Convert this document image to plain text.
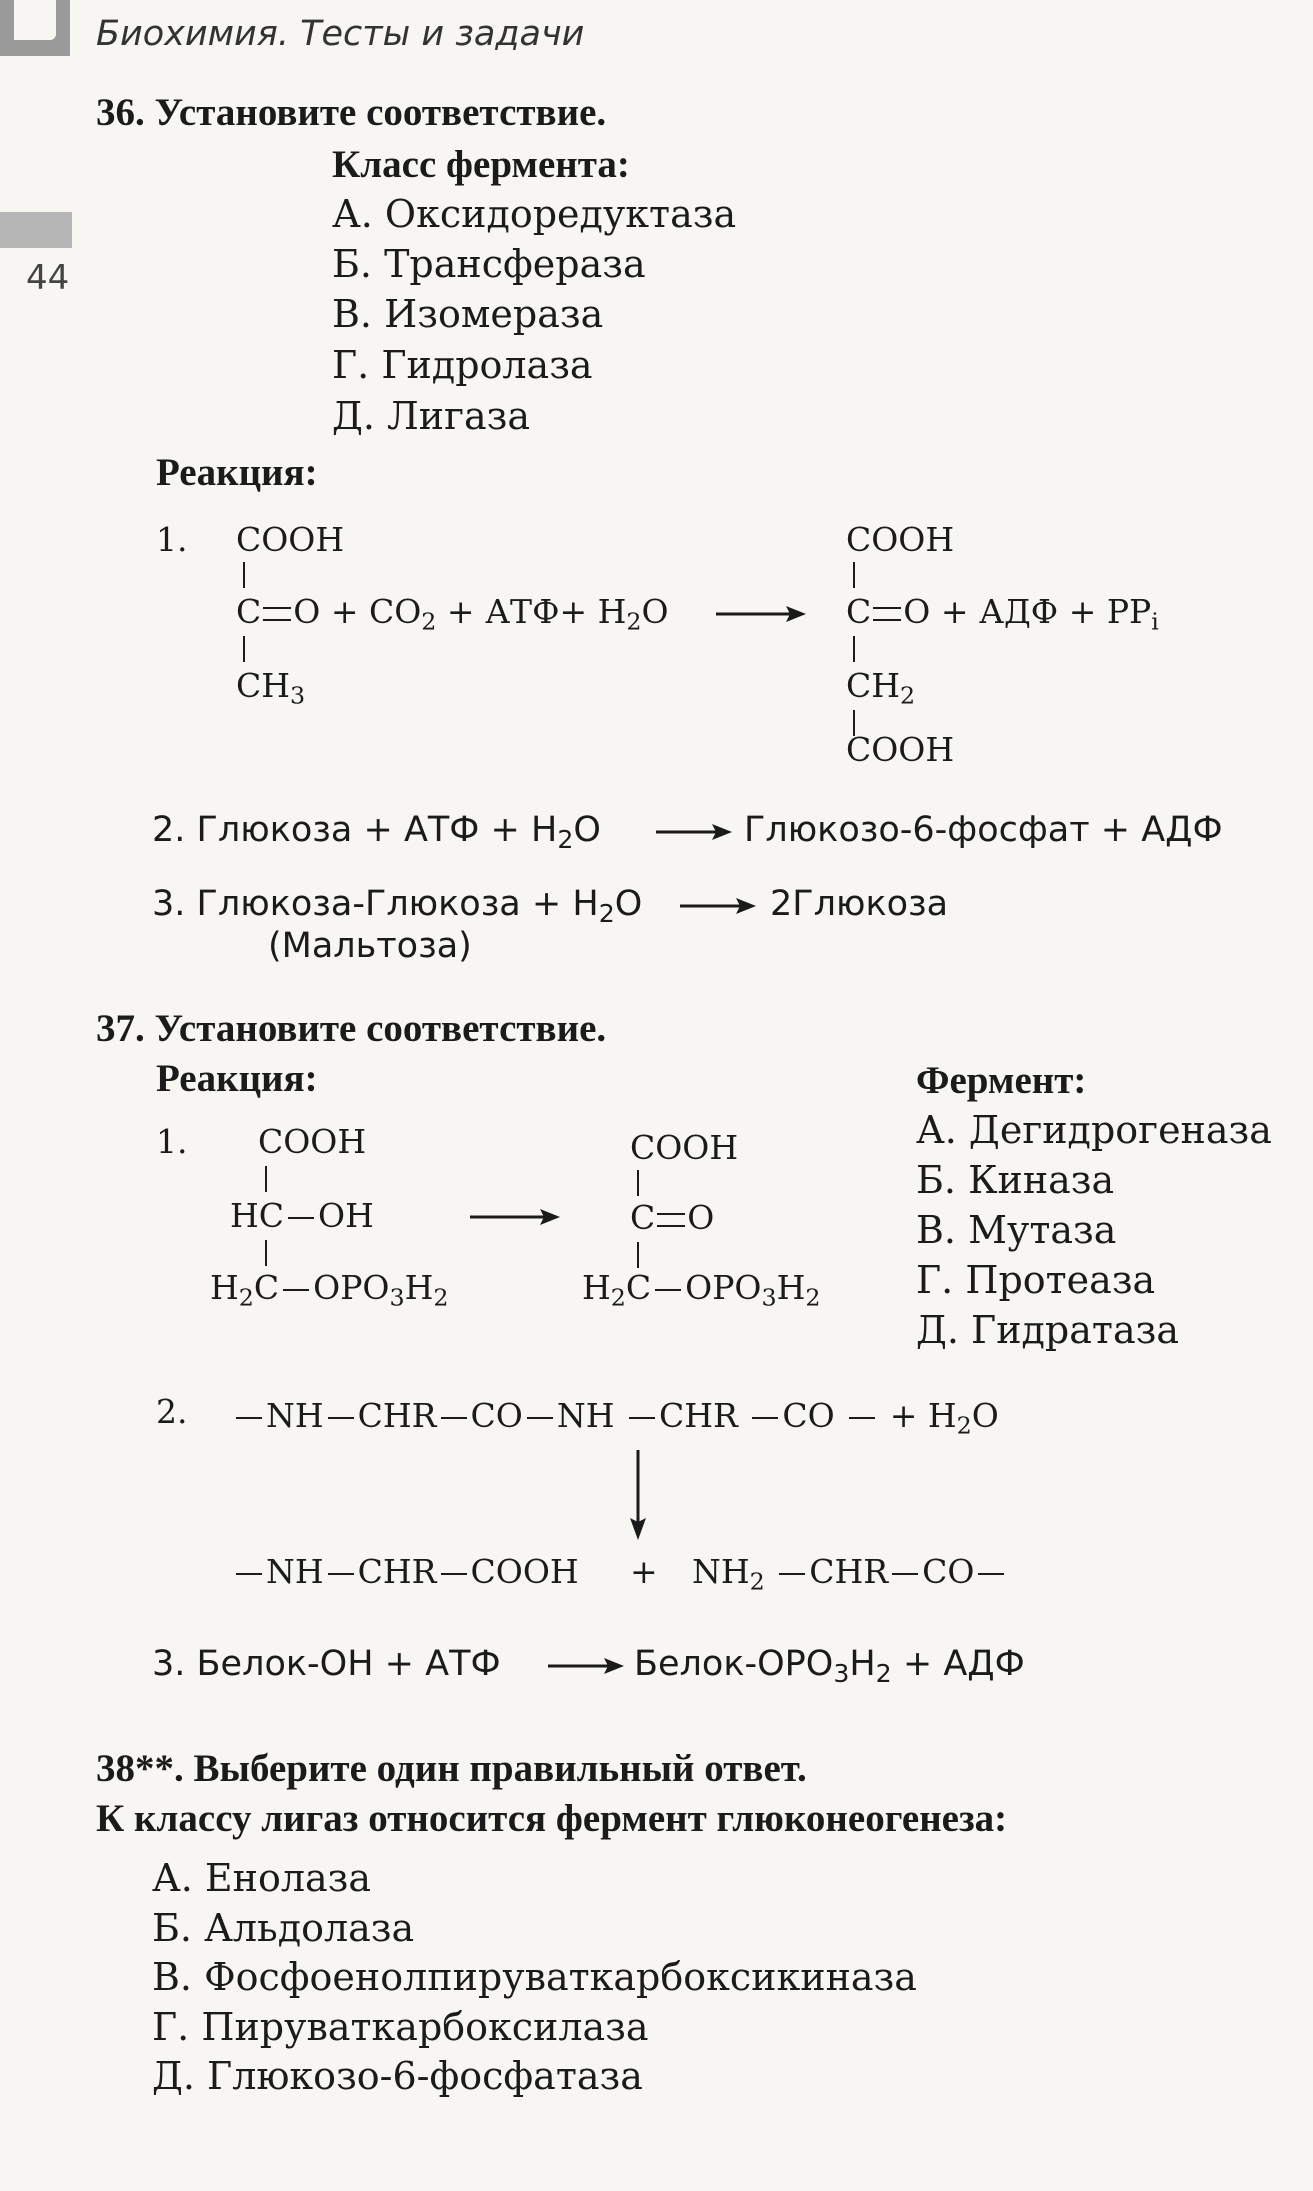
Биохимия. Тесты и задачи
44
36. Установите соответствие.
Класс фермента:
А. Оксидоредуктаза
Б. Трансфераза
В. Изомераза
Г. Гидролаза
Д. Лигаза
Реакция:
1. COOH
C $O + CO_2 + АТФ+ H_2O$
$CH_3$
COOH
C O + АДФ + $PP_i$
$CH_2$
COOH
2. Глюкоза + АТФ + $H_2O$	Глюкозо-6-фосфат + АДФ
3. Глюкоза-Глюкоза + $H_2O$	2Глюкоза
(Мальтоза)
37. Установите соответствие.
Реакция:	Фермент:
А. Дегидрогеназа
Б. Киназа
В. Мутаза
Г. Протеаза
Д. Гидратаза
1. COOH
HC OH
$H_2C$ $OPO_3H_2$
COOH
C O
$H_2C$ $OPO_3H_2$
2.	NH CHR CO NH CHR CO + $H_2O$
NH CHR COOH + $NH_2$ CHR CO
3. Белок-OH + АТФ	Белок-$OPO_3H_2$ + АДФ
38**. Выберите один правильный ответ.
К классу лигаз относится фермент глюконеогенеза:
А. Енолаза
Б. Альдолаза
В. Фосфоенолпируваткарбоксикиназа
Г. Пируваткарбоксилаза
Д. Глюкозо-6-фосфатаза
